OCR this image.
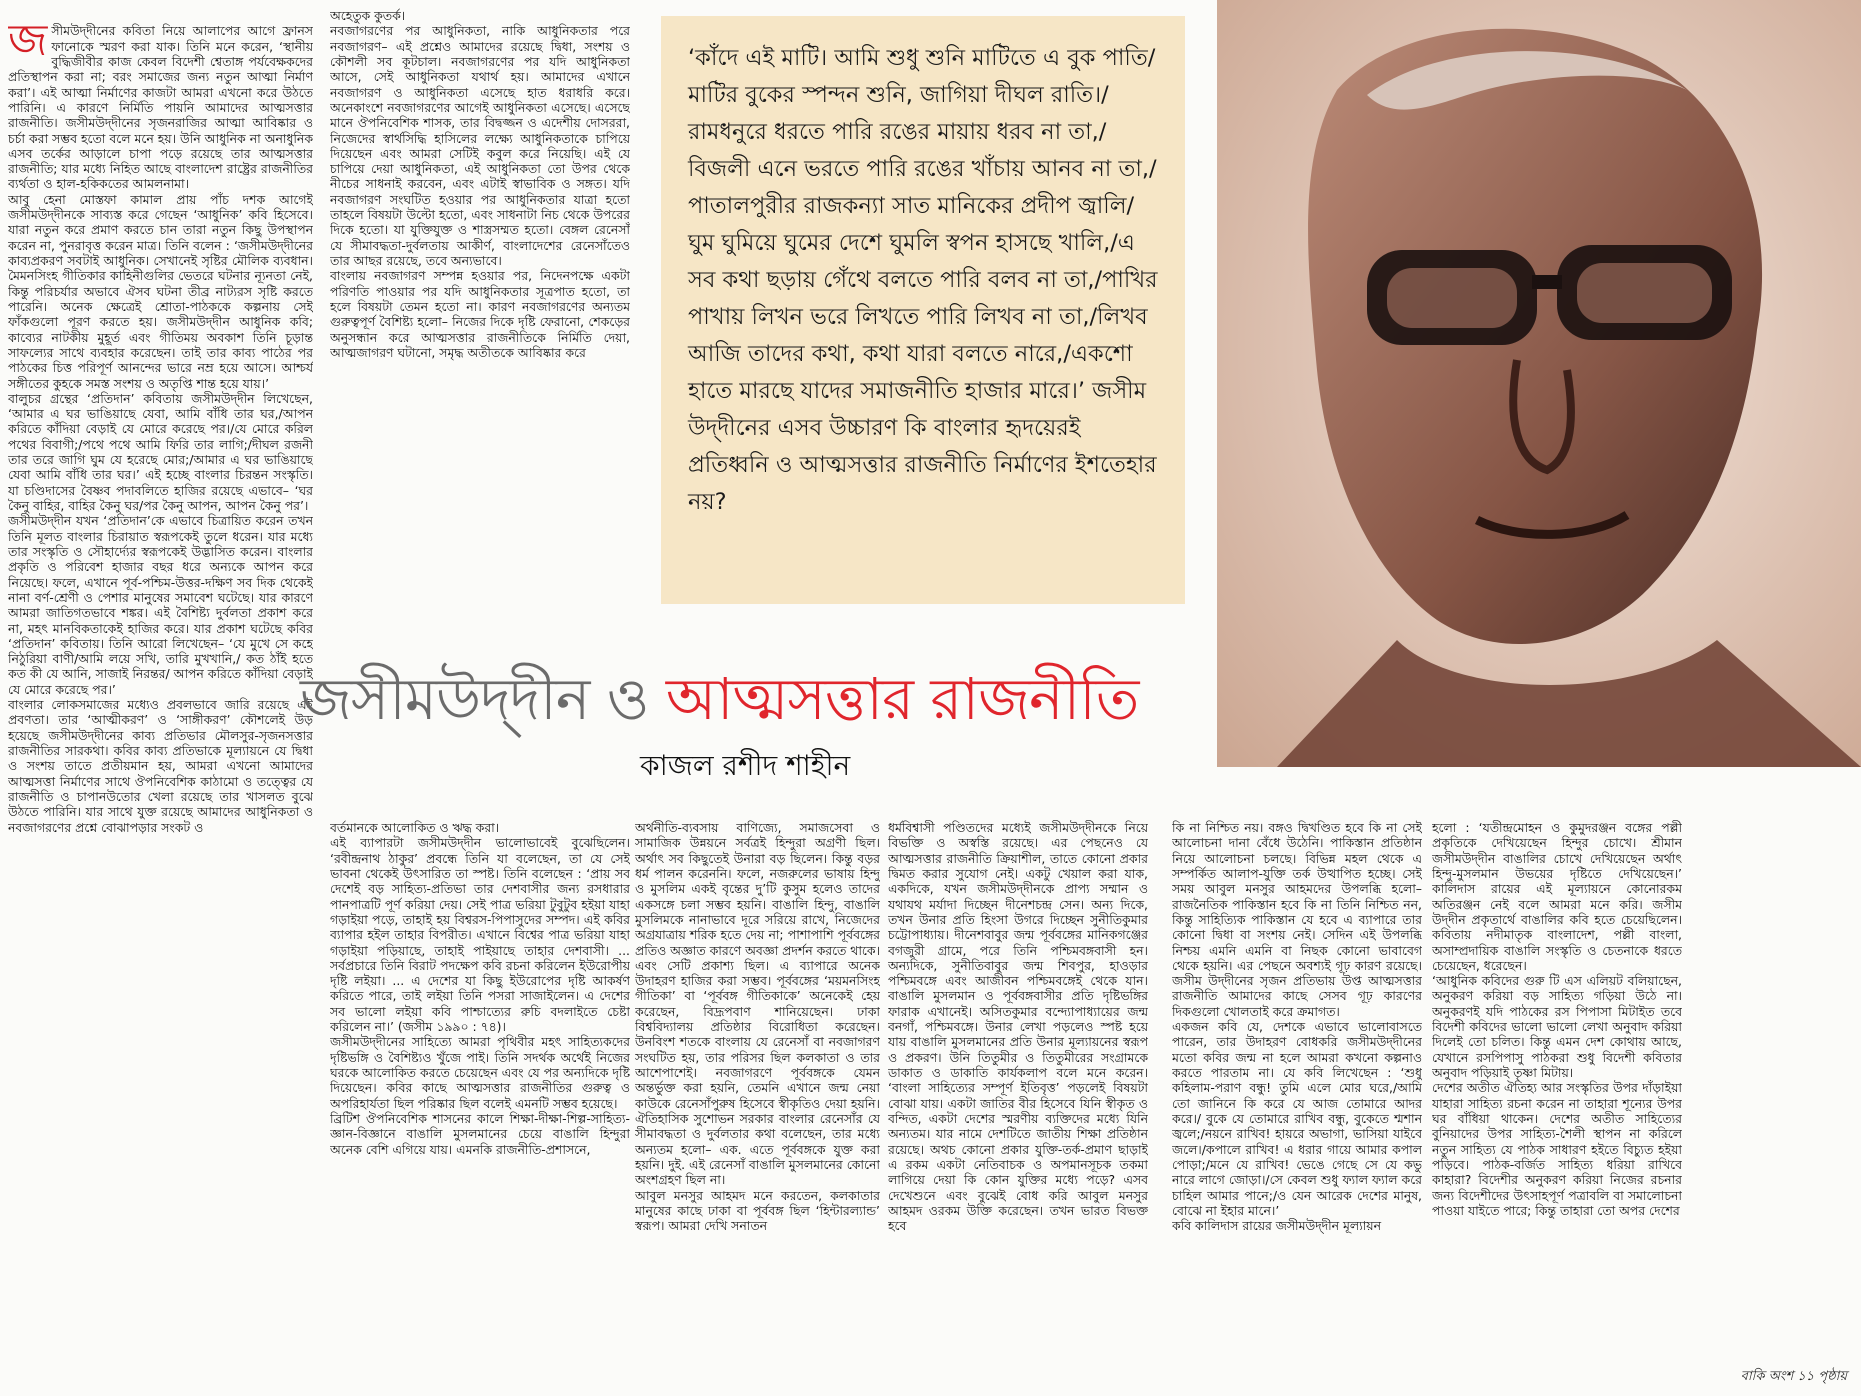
জসীমউদ্‌দীনের কবিতা নিয়ে আলাপের আগে ফ্রানস ফানোকে স্মরণ করা যাক। তিনি মনে করেন, ‘স্থানীয় বুদ্ধিজীবীর কাজ কেবল বিদেশী শ্বেতাঙ্গ পর্যবেক্ষকদের প্রতিস্থাপন করা না; বরং সমাজের জন্য নতুন আত্মা নির্মাণ করা’। এই আত্মা নির্মাণের কাজটা আমরা এখনো করে উঠতে পারিনি। এ কারণে নির্মিতি পায়নি আমাদের আত্মসত্তার রাজনীতি। জসীমউদ্‌দীনের সৃজনরাজির আত্মা আবিষ্কার ও চর্চা করা সম্ভব হতো বলে মনে হয়। উনি আধুনিক না অনাধুনিক এসব তর্কের আড়ালে চাপা পড়ে রয়েছে তার আত্মসত্তার রাজনীতি; যার মধ্যে নিহিত আছে বাংলাদেশ রাষ্ট্রের রাজনীতির ব্যর্থতা ও হাল-হকিকতের আমলনামা।
আবু হেনা মোস্তফা কামাল প্রায় পাঁচ দশক আগেই জসীমউদ্‌দীনকে সাব্যস্ত করে গেছেন ‘আধুনিক’ কবি হিসেবে। যারা নতুন করে প্রমাণ করতে চান তারা নতুন কিছু উপস্থাপন করেন না, পুনরাবৃত্ত করেন মাত্র। তিনি বলেন : ‘জসীমউদ্‌দীনের কাব্যপ্রকরণ সবটাই আধুনিক। সেখানেই সৃষ্টির মৌলিক ব্যবধান। মৈমনসিংহ গীতিকার কাহিনীগুলির ভেতরে ঘটনার ন্যূনতা নেই, কিন্তু পরিচর্যার অভাবে ঐসব ঘটনা তীব্র নাট্যরস সৃষ্টি করতে পারেনি। অনেক ক্ষেত্রেই শ্রোতা-পাঠককে কল্পনায় সেই ফাঁকগুলো পূরণ করতে হয়। জসীমউদ্‌দীন আধুনিক কবি; কাব্যের নাটকীয় মুহূর্ত এবং গীতিময় অবকাশ তিনি চূড়ান্ত সাফল্যের সাথে ব্যবহার করেছেন। তাই তার কাব্য পাঠের পর পাঠকের চিত্ত পরিপূর্ণ আনন্দের ভারে নম্র হয়ে আসে। আশ্চর্য সঙ্গীতের কুহকে সমস্ত সংশয় ও অতৃপ্তি শান্ত হয়ে যায়।’
বালুচর গ্রন্থের ‘প্রতিদান’ কবিতায় জসীমউদ্‌দীন লিখেছেন, ‘আমার এ ঘর ভাঙিয়াছে যেবা, আমি বাঁধি তার ঘর,/আপন করিতে কাঁদিয়া বেড়াই যে মোরে করেছে পর।/যে মোরে করিল পথের বিবাগী;/পথে পথে আমি ফিরি তার লাগি;/দীঘল রজনী তার তরে জাগি ঘুম যে হরেছে মোর;/আমার এ ঘর ভাঙিয়াছে যেবা আমি বাঁধি তার ঘর।’ এই হচ্ছে বাংলার চিরন্তন সংস্কৃতি। যা চণ্ডিদাসের বৈষ্ণব পদাবলিতে হাজির রয়েছে এভাবে– ‘ঘর কৈনু বাহির, বাহির কৈনু ঘর/পর কৈনু আপন, আপন কৈনু পর’।
জসীমউদ্‌দীন যখন ‘প্রতিদান’কে এভাবে চিত্রায়িত করেন তখন তিনি মূলত বাংলার চিরায়াত স্বরূপকেই তুলে ধরেন। যার মধ্যে তার সংস্কৃতি ও সৌহার্দ্যের স্বরূপকেই উদ্ভাসিত করেন। বাংলার প্রকৃতি ও পরিবেশ হাজার বছর ধরে অন্যকে আপন করে নিয়েছে। ফলে, এখানে পূর্ব-পশ্চিম-উত্তর-দক্ষিণ সব দিক থেকেই নানা বর্ণ-শ্রেণী ও পেশার মানুষের সমাবেশ ঘটেছে। যার কারণে আমরা জাতিগতভাবে শঙ্কর। এই বৈশিষ্ট্য দুর্বলতা প্রকাশ করে না, মহৎ মানবিকতাকেই হাজির করে। যার প্রকাশ ঘটেছে কবির ‘প্রতিদান’ কবিতায়। তিনি আরো লিখেছেন– ‘যে মুখে সে কহে নিঠুরিয়া বাণী/আমি লয়ে সখি, তারি মুখখানি,/ কত ঠাঁই হতে কত কী যে আনি, সাজাই নিরন্তর/ আপন করিতে কাঁদিয়া বেড়াই যে মোরে করেছে পর।’
বাংলার লোকসমাজের মধ্যেও প্রবলভাবে জারি রয়েছে এই প্রবণতা। তার ‘আত্মীকরণ’ ও ‘সাঙ্গীকরণ’ কৌশলেই উড় হয়েছে জসীমউদ্‌দীনের কাব্য প্রতিভার মৌলসুর-সৃজনসত্তার রাজনীতির সারকথা। কবির কাব্য প্রতিভাকে মূল্যায়নে যে দ্বিধা ও সংশয় তাতে প্রতীয়মান হয়, আমরা এখনো আমাদের আত্মসত্তা নির্মাণের সাথে ঔপনিবেশিক কাঠামো ও তত্ত্বের যে রাজনীতি ও চাপানউতোর খেলা রয়েছে তার খাসলত বুঝে উঠতে পারিনি। যার সাথে যুক্ত রয়েছে আমাদের আধুনিকতা ও নবজাগরণের প্রশ্নে বোঝাপড়ার সংকট ও

অহেতুক কুতর্ক।
নবজাগরণের পর আধুনিকতা, নাকি আধুনিকতার পরে নবজাগরণ– এই প্রশ্নেও আমাদের রয়েছে দ্বিধা, সংশয় ও কৌশলী সব কূটচাল। নবজাগরণের পর যদি আধুনিকতা আসে, সেই আধুনিকতা যথার্থ হয়। আমাদের এখানে নবজাগরণ ও আধুনিকতা এসেছে হাত ধরাধরি করে। অনেকাংশে নবজাগরণের আগেই আধুনিকতা এসেছে। এসেছে মানে ঔপনিবেশিক শাসক, তার বিদ্বজ্জন ও এদেশীয় দোসররা, নিজেদের স্বার্থসিদ্ধি হাসিলের লক্ষ্যে আধুনিকতাকে চাপিয়ে দিয়েছেন এবং আমরা সেটিই কবুল করে নিয়েছি। এই যে চাপিয়ে দেয়া আধুনিকতা, এই আধুনিকতা তো উপর থেকে নীচের সাধনাই করবেন, এবং এটাই স্বাভাবিক ও সঙ্গত। যদি নবজাগরণ সংঘটিত হওয়ার পর আধুনিকতার যাত্রা হতো তাহলে বিষয়টা উল্টো হতো, এবং সাধনাটা নিচ থেকে উপরের দিকে হতো। যা যুক্তিযুক্ত ও শাস্ত্রসম্মত হতো। বেঙ্গল রেনেসাঁ যে সীমাবদ্ধতা-দুর্বলতায় আকীর্ণ, বাংলাদেশের রেনেসাঁতেও তার আছর রয়েছে, তবে অন্যভাবে।
বাংলায় নবজাগরণ সম্পন্ন হওয়ার পর, নিদেনপক্ষে একটা পরিণতি পাওয়ার পর যদি আধুনিকতার সূত্রপাত হতো, তা হলে বিষয়টা তেমন হতো না। কারণ নবজাগরণের অন্যতম গুরুত্বপূর্ণ বৈশিষ্ট্য হলো– নিজের দিকে দৃষ্টি ফেরানো, শেকড়ের অনুসন্ধান করে আত্মসত্তার রাজনীতিকে নির্মিতি দেয়া, আত্মজাগরণ ঘটানো, সমৃদ্ধ অতীতকে আবিষ্কার করে
‘কাঁদে এই মাটি। আমি শুধু শুনি মাটিতে এ বুক পাতি/মাটির বুকের স্পন্দন শুনি, জাগিয়া দীঘল রাতি।/রামধনুরে ধরতে পারি রঙের মায়ায় ধরব না তা,/বিজলী এনে ভরতে পারি রঙের খাঁচায় আনব না তা,/পাতালপুরীর রাজকন্যা সাত মানিকের প্রদীপ জ্বালি/ঘুম ঘুমিয়ে ঘুমের দেশে ঘুমলি স্বপন হাসছে খালি,/এ সব কথা ছড়ায় গেঁথে বলতে পারি বলব না তা,/পাখির পাখায় লিখন ভরে লিখতে পারি লিখব না তা,/লিখব আজি তাদের কথা, কথা যারা বলতে নারে,/একশো হাতে মারছে যাদের সমাজনীতি হাজার মারে।’ জসীম উদ্‌দীনের এসব উচ্চারণ কি বাংলার হৃদয়েরই প্রতিধ্বনি ও আত্মসত্তার রাজনীতি নির্মাণের ইশতেহার নয়?
জসীমউদ্‌দীন ও আত্মসত্তার রাজনীতি
কাজল রশীদ শাহীন
বর্তমানকে আলোকিত ও ঋদ্ধ করা।
এই ব্যাপারটা জসীমউদ্‌দীন ভালোভাবেই বুঝেছিলেন। ‘রবীন্দ্রনাথ ঠাকুর’ প্রবন্ধে তিনি যা বলেছেন, তা যে সেই ভাবনা থেকেই উৎসারিত তা স্পষ্ট। তিনি বলেছেন : ‘প্রায় সব দেশেই বড় সাহিত্য-প্রতিভা তার দেশবাসীর জন্য রসধারার পানপাত্রটি পূর্ণ করিয়া দেয়। সেই পাত্র ভরিয়া টুবুটুব হইয়া যাহা গড়াইয়া পড়ে, তাহাই হয় বিশ্বরস-পিপাসুদের সম্পদ। এই কবির ব্যাপার হইল তাহার বিপরীত। এখানে বিশ্বের পাত্র ভরিয়া যাহা গড়াইয়া পড়িয়াছে, তাহাই পাইয়াছে তাহার দেশবাসী। ... সর্বপ্রচারে তিনি বিরাট পদক্ষেপ কবি রচনা করিলেন ইউরোপীয় দৃষ্টি লইয়া। ... এ দেশের যা কিছু ইউরোপের দৃষ্টি আকর্ষণ করিতে পারে, তাই লইয়া তিনি পসরা সাজাইলেন। এ দেশের সব ভালো লইয়া কবি পাশ্চাত্যের রুচি বদলাইতে চেষ্টা করিলেন না।’ (জসীম ১৯৯০ : ৭৪)।
জসীমউদ্‌দীনের সাহিত্যে আমরা পৃথিবীর মহৎ সাহিত্যকদের দৃষ্টিভঙ্গি ও বৈশিষ্ট্যও খুঁজে পাই। তিনি সদর্থক অর্থেই নিজের ঘরকে আলোকিত করতে চেয়েছেন এবং যে পর অন্যদিকে দৃষ্টি দিয়েছেন। কবির কাছে আত্মসত্তার রাজনীতির গুরুত্ব ও অপরিহার্যতা ছিল পরিষ্কার ছিল বলেই এমনটি সম্ভব হয়েছে।
ব্রিটিশ ঔপনিবেশিক শাসনের কালে শিক্ষা-দীক্ষা-শিল্প-সাহিত্য-জ্ঞান-বিজ্ঞানে বাঙালি মুসলমানের চেয়ে বাঙালি হিন্দুরা অনেক বেশি এগিয়ে যায়। এমনকি রাজনীতি-প্রশাসনে,
অর্থনীতি-ব্যবসায় বাণিজ্যে, সমাজসেবা ও সামাজিক উন্নয়নে সর্বত্রই হিন্দুরা অগ্রণী ছিল। অর্থাৎ সব কিছুতেই উনারা বড় ছিলেন। কিন্তু বড়র ধর্ম পালন করেননি। ফলে, নজরুলের ভাষায় হিন্দু ও মুসলিম একই বৃন্তের দু’টি কুসুম হলেও তাদের একসঙ্গে চলা সম্ভব হয়নি। বাঙালি হিন্দু, বাঙালি মুসলিমকে নানাভাবে দূরে সরিয়ে রাখে, নিজেদের অগ্রযাত্রায় শরিক হতে দেয় না; পাশাপাশি পূর্ববঙ্গের প্রতিও অজ্ঞাত কারণে অবজ্ঞা প্রদর্শন করতে থাকে। এবং সেটি প্রকাশ্য ছিল। এ ব্যাপারে অনেক উদাহরণ হাজির করা সম্ভব। পূর্ববঙ্গের ‘ময়মনসিংহ গীতিকা’ বা ‘পূর্ববঙ্গ গীতিকাকে’ অনেকেই হেয় করেছেন, বিদ্রূপবাণ শানিয়েছেন। ঢাকা বিশ্ববিদ্যালয় প্রতিষ্ঠার বিরোধিতা করেছেন। উনবিংশ শতকে বাংলায় যে রেনেসাঁ বা নবজাগরণ সংঘটিত হয়, তার পরিসর ছিল কলকাতা ও তার আশেপাশেই। নবজাগরণে পূর্ববঙ্গকে যেমন অন্তর্ভুক্ত করা হয়নি, তেমনি এখানে জন্ম নেয়া কাউকে রেনেসাঁপুরুষ হিসেবে স্বীকৃতিও দেয়া হয়নি। ঐতিহাসিক সুশোভন সরকার বাংলার রেনেসাঁর যে সীমাবদ্ধতা ও দুর্বলতার কথা বলেছেন, তার মধ্যে অন্যতম হলো– এক. এতে পূর্ববঙ্গকে যুক্ত করা হয়নি। দুই. এই রেনেসাঁ বাঙালি মুসলমানের কোনো অংশগ্রহণ ছিল না।
আবুল মনসুর আহমদ মনে করতেন, কলকাতার মানুষের কাছে ঢাকা বা পূর্ববঙ্গ ছিল ‘হিন্টারল্যান্ড’ স্বরূপ। আমরা দেখি সনাতন
ধর্মবিশ্বাসী পণ্ডিতদের মধ্যেই জসীমউদ্‌দীনকে নিয়ে বিভক্তি ও অস্বস্তি রয়েছে। এর পেছনেও যে আত্মসত্তার রাজনীতি ক্রিয়াশীল, তাতে কোনো প্রকার দ্বিমত করার সুযোগ নেই। একটু খেয়াল করা যাক, একদিকে, যখন জসীমউদ্‌দীনকে প্রাপ্য সম্মান ও যথাযথ মর্যাদা দিচ্ছেন দীনেশচন্দ্র সেন। অন্য দিকে, তখন উনার প্রতি হিংসা উগরে দিচ্ছেন সুনীতিকুমার চট্টোপাধ্যায়। দীনেশবাবুর জন্ম পূর্ববঙ্গের মানিকগঞ্জের বগজুরী গ্রামে, পরে তিনি পশ্চিমবঙ্গবাসী হন। অন্যদিকে, সুনীতিবাবুর জন্ম শিবপুর, হাওড়ার পশ্চিমবঙ্গে এবং আজীবন পশ্চিমবঙ্গেই থেকে যান। বাঙালি মুসলমান ও পূর্ববঙ্গবাসীর প্রতি দৃষ্টিভঙ্গির ফারাক এখানেই। অসিতকুমার বন্দ্যোপাধ্যায়ের জন্ম বনগাঁ, পশ্চিমবঙ্গে। উনার লেখা পড়লেও স্পষ্ট হয়ে যায় বাঙালি মুসলমানের প্রতি উনার মূল্যায়নের স্বরূপ ও প্রকরণ। উনি তিতুমীর ও তিতুমীরের সংগ্রামকে ডাকাত ও ডাকাতি কার্যকলাপ বলে মনে করেন। ‘বাংলা সাহিত্যের সম্পূর্ণ ইতিবৃত্ত’ পড়লেই বিষয়টা বোঝা যায়। একটা জাতির বীর হিসেবে যিনি স্বীকৃত ও বন্দিত, একটা দেশের স্মরণীয় ব্যক্তিদের মধ্যে যিনি অন্যতম। যার নামে দেশটিতে জাতীয় শিক্ষা প্রতিষ্ঠান রয়েছে। অথচ কোনো প্রকার যুক্তি-তর্ক-প্রমাণ ছাড়াই এ রকম একটা নেতিবাচক ও অপমানসূচক তকমা লাগিয়ে দেয়া কি কোন যুক্তির মধ্যে পড়ে? এসব দেখেশুনে এবং বুঝেই বোধ করি আবুল মনসুর আহমদ ওরকম উক্তি করেছেন। তখন ভারত বিভক্ত হবে
কি না নিশ্চিত নয়। বঙ্গও দ্বিখণ্ডিত হবে কি না সেই আলোচনা দানা বেঁধে উঠেনি। পাকিস্তান প্রতিষ্ঠান নিয়ে আলোচনা চলছে। বিভিন্ন মহল থেকে এ সম্পর্কিত আলাপ-যুক্তি তর্ক উত্থাপিত হচ্ছে। সেই সময় আবুল মনসুর আহমদের উপলব্ধি হলো– রাজনৈতিক পাকিস্তান হবে কি না তিনি নিশ্চিত নন, কিন্তু সাহিত্যিক পাকিস্তান যে হবে এ ব্যাপারে তার কোনো দ্বিধা বা সংশয় নেই। সেদিন এই উপলব্ধি নিশ্চয় এমনি এমনি বা নিছক কোনো ভাবাবেগ থেকে হয়নি। এর পেছনে অবশ্যই গূঢ় কারণ রয়েছে। জসীম উদ্‌দীনের সৃজন প্রতিভায় উপ্ত আত্মসত্তার রাজনীতি আমাদের কাছে সেসব গূঢ় কারণের দিকগুলো খোলতাই করে ক্রমাগত।
একজন কবি যে, দেশকে এভাবে ভালোবাসতে পারেন, তার উদাহরণ বোধকরি জসীমউদ্‌দীনের মতো কবির জন্ম না হলে আমরা কখনো কল্পনাও করতে পারতাম না। যে কবি লিখেছেন : ‘শুধু কহিলাম-পরাণ বন্ধু! তুমি এলে মোর ঘরে,/আমি তো জানিনে কি করে যে আজ তোমারে আদর করে।/ বুকে যে তোমারে রাখিব বন্ধু, বুকেতে শ্মশান জ্বলে;/নয়নে রাখিব! হায়রে অভাগা, ভাসিয়া যাইবে জলে।/কপালে রাখিব! এ ধরার গায়ে আমার কপাল পোড়া;/মনে যে রাখিব! ভেঙে গেছে সে যে কভু নারে লাগে জোড়া।/সে কেবল শুধু ফ্যাল ফ্যাল করে চাহিল আমার পানে;/ও যেন আরেক দেশের মানুষ, বোঝে না ইহার মানে।’
কবি কালিদাস রায়ের জসীমউদ্‌দীন মূল্যায়ন
হলো : ‘যতীন্দ্রমোহন ও কুমুদরঞ্জন বঙ্গের পল্লী প্রকৃতিকে দেখিয়েছেন হিন্দুর চোখে। শ্রীমান জসীমউদ্‌দীন বাঙালির চোখে দেখিয়েছেন অর্থাৎ হিন্দু-মুসলমান উভয়ের দৃষ্টিতে দেখিয়েছেন।’ কালিদাস রায়ের এই মূল্যায়নে কোনোরকম অতিরঞ্জন নেই বলে আমরা মনে করি। জসীম উদ্‌দীন প্রকৃতার্থে বাঙালির কবি হতে চেয়েছিলেন। কবিতায় নদীমাতৃক বাংলাদেশ, পল্লী বাংলা, অসাম্প্রদায়িক বাঙালি সংস্কৃতি ও চেতনাকে ধরতে চেয়েছেন, ধরেছেন।
‘আধুনিক কবিদের গুরু টি এস এলিয়ট বলিয়াছেন, অনুকরণ করিয়া বড় সাহিত্য গড়িয়া উঠে না। অনুকরণই যদি পাঠকের রস পিপাসা মিটাইত তবে বিদেশী কবিদের ভালো ভালো লেখা অনুবাদ করিয়া দিলেই তো চলিত। কিন্তু এমন দেশ কোথায় আছে, যেখানে রসপিপাসু পাঠকরা শুধু বিদেশী কবিতার অনুবাদ পড়িয়াই তৃষ্ণা মিটায়।
দেশের অতীত ঐতিহ্য আর সংস্কৃতির উপর দাঁড়াইয়া যাহারা সাহিত্য রচনা করেন না তাহারা শূন্যের উপর ঘর বাঁধিয়া থাকেন। দেশের অতীত সাহিত্যের বুনিয়াদের উপর সাহিত্য-শৈলী স্থাপন না করিলে নতুন সাহিত্য যে পাঠক সাধারণ হইতে বিচ্যুত হইয়া পড়িবে। পাঠক-বর্জিত সাহিত্য ধরিয়া রাখিবে কাহারা? বিদেশীর অনুকরণ করিয়া নিজের রচনার জন্য বিদেশীদের উৎসাহপূর্ণ পত্রাবলি বা সমালোচনা পাওয়া যাইতে পারে; কিন্তু তাহারা তো অপর দেশের
বাকি অংশ ১১ পৃষ্ঠায়
